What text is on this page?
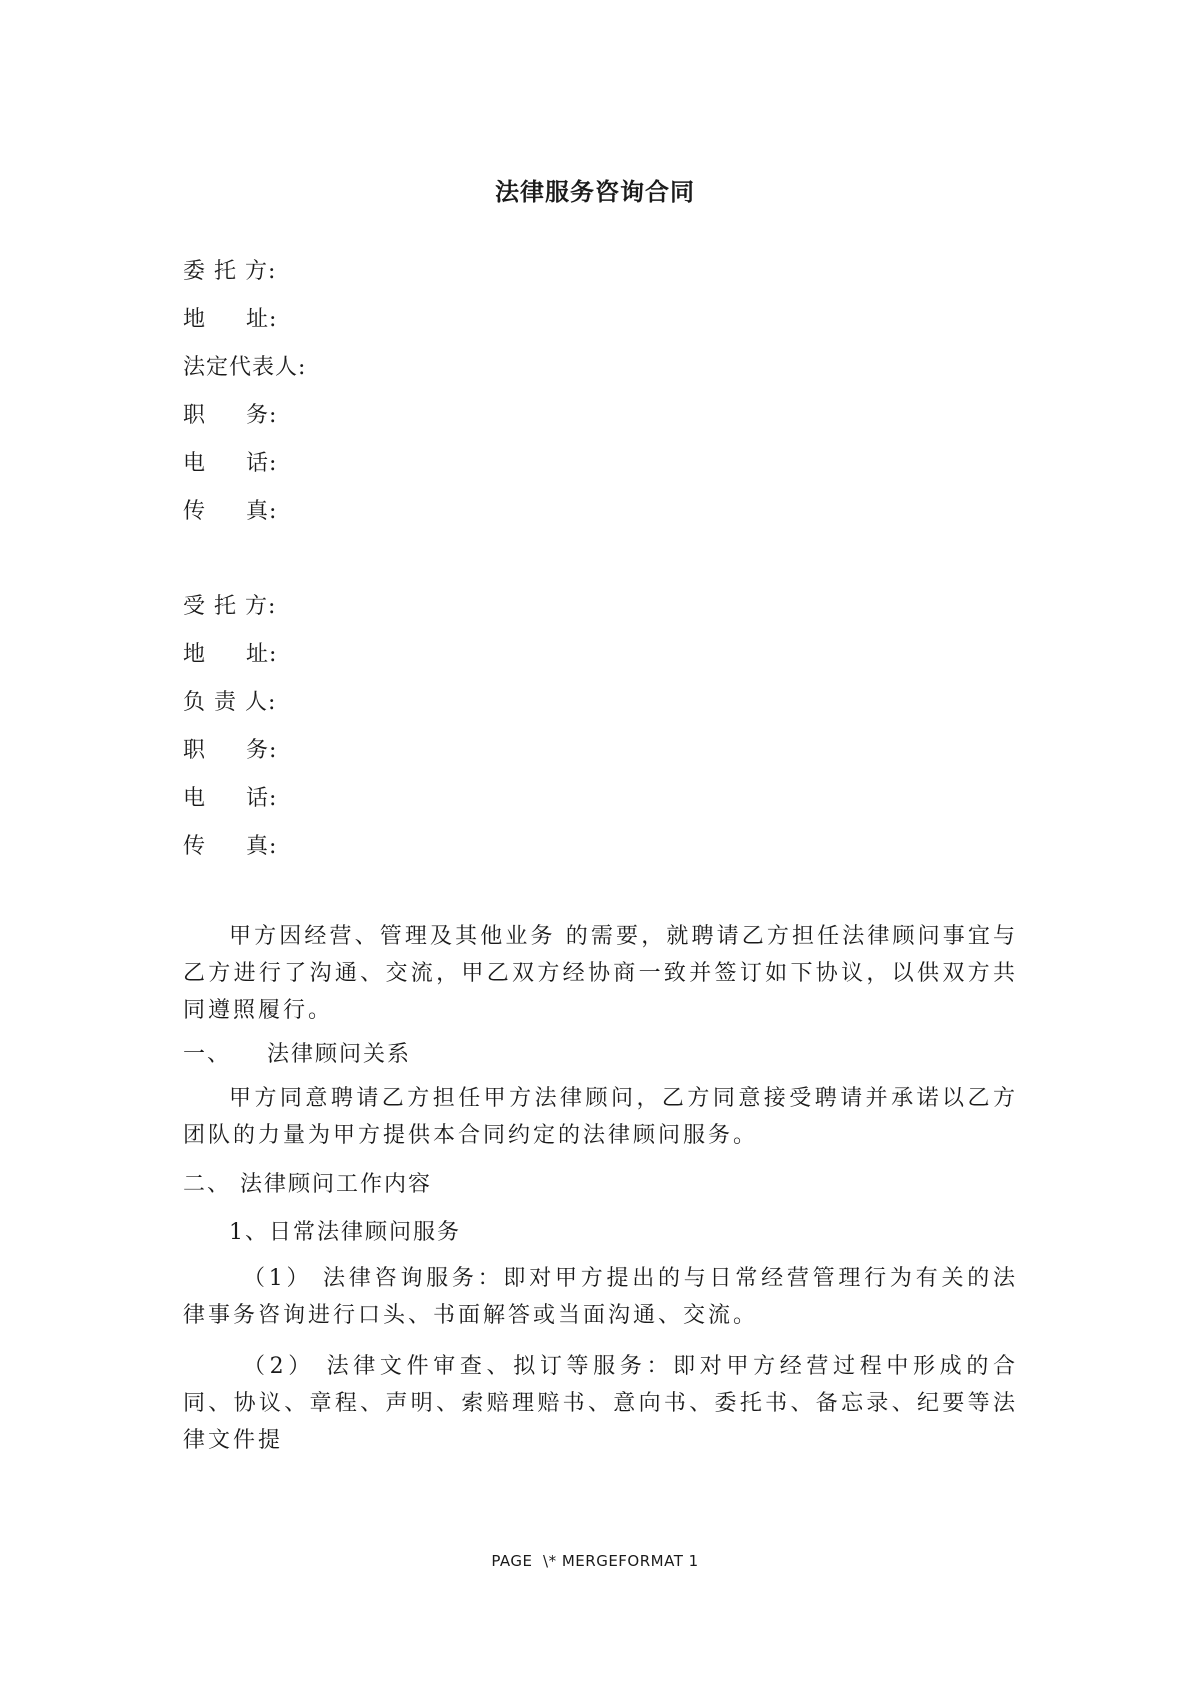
法律服务咨询合同
委 托 方:
地     址:
法定代表人:
职     务:
电     话:
传     真:
受 托 方:
地     址:
负 责 人:
职     务:
电     话:
传     真:
甲方因经营、管理及其他业务 的需要，就聘请乙方担任法律顾问事宜与乙方进行了沟通、交流，甲乙双方经协商一致并签订如下协议，以供双方共同遵照履行。
一、    法律顾问关系
甲方同意聘请乙方担任甲方法律顾问，乙方同意接受聘请并承诺以乙方团队的力量为甲方提供本合同约定的法律顾问服务。
二、 法律顾问工作内容
1、日常法律顾问服务
（1） 法律咨询服务：即对甲方提出的与日常经营管理行为有关的法律事务咨询进行口头、书面解答或当面沟通、交流。
（2） 法律文件审查、拟订等服务：即对甲方经营过程中形成的合同、协议、章程、声明、索赔理赔书、意向书、委托书、备忘录、纪要等法律文件提
PAGE  \* MERGEFORMAT 1
